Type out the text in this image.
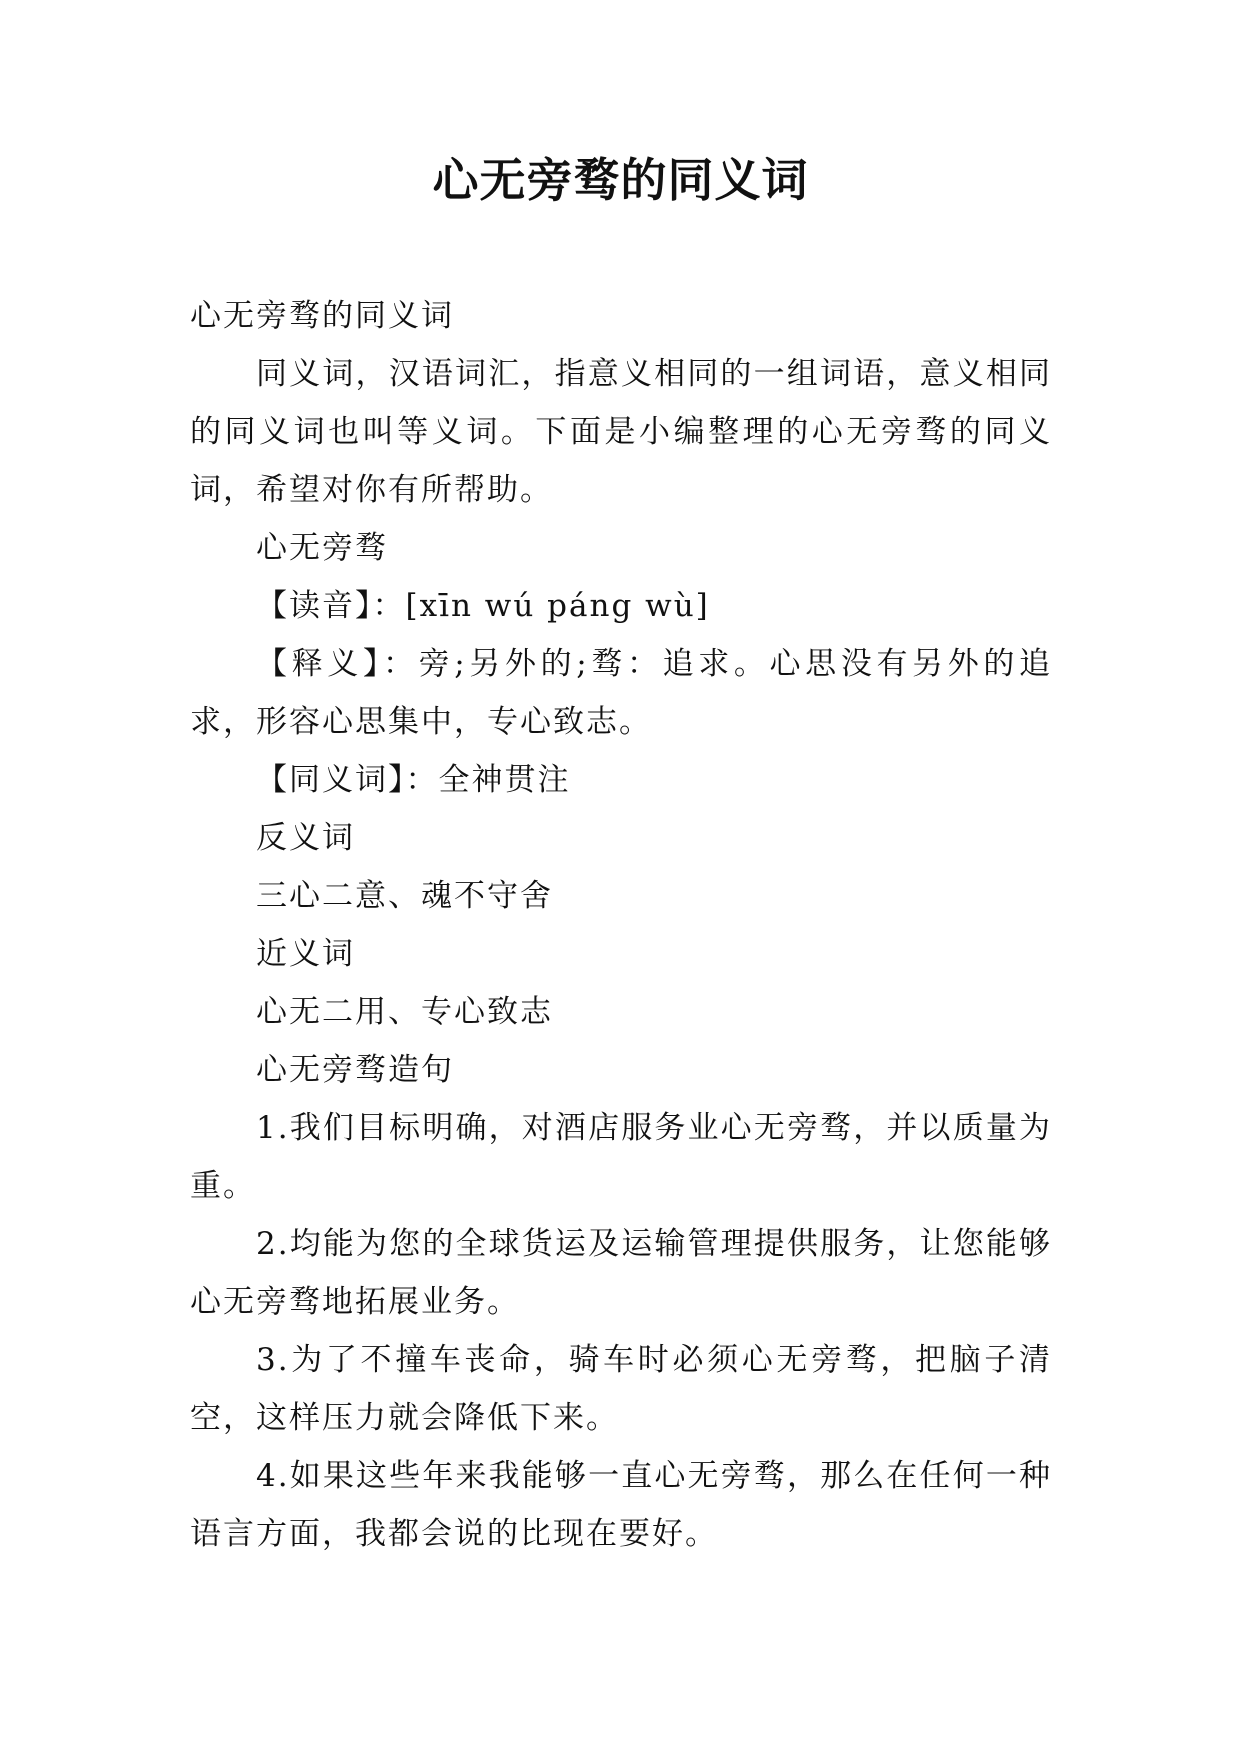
心无旁骛的同义词

心无旁骛的同义词

同义词，汉语词汇，指意义相同的一组词语，意义相同的同义词也叫等义词。下面是小编整理的心无旁骛的同义词，希望对你有所帮助。

心无旁骛

【读音】：[xīn wú páng wù]

【释义】：旁;另外的;骛：追求。心思没有另外的追求，形容心思集中，专心致志。

【同义词】：全神贯注

反义词

三心二意、魂不守舍

近义词

心无二用、专心致志

心无旁骛造句

1.我们目标明确，对酒店服务业心无旁骛，并以质量为重。

2.均能为您的全球货运及运输管理提供服务，让您能够心无旁骛地拓展业务。

3.为了不撞车丧命，骑车时必须心无旁骛，把脑子清空，这样压力就会降低下来。

4.如果这些年来我能够一直心无旁骛，那么在任何一种语言方面，我都会说的比现在要好。
